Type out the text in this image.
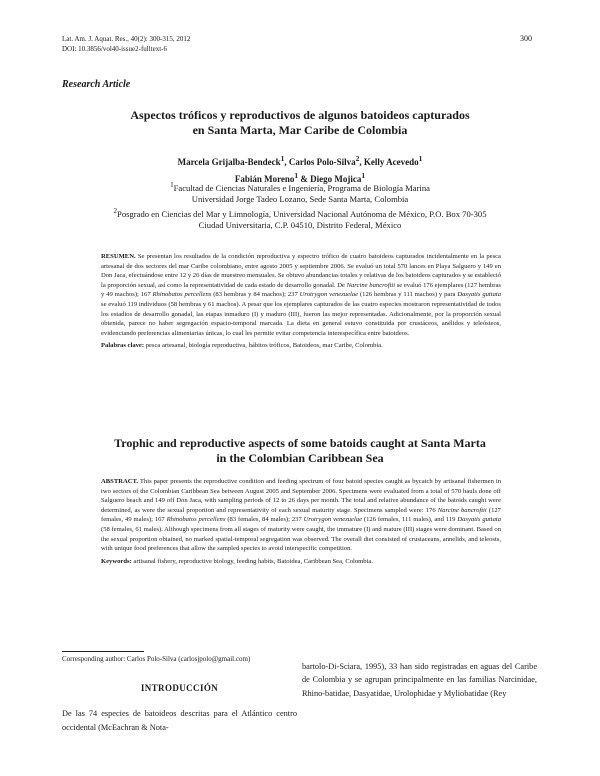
Lat. Am. J. Aquat. Res., 40(2): 300-315, 2012
DOI: 10.3856/vol40-issue2-fulltext-6
300
Research Article
Aspectos tróficos y reproductivos de algunos batoideos capturados
en Santa Marta, Mar Caribe de Colombia
Marcela Grijalba-Bendeck$^1$, Carlos Polo-Silva$^2$, Kelly Acevedo$^1$
Fabián Moreno$^1$ & Diego Mojica$^1$
$^1$Facultad de Ciencias Naturales e Ingeniería, Programa de Biología Marina
Universidad Jorge Tadeo Lozano, Sede Santa Marta, Colombia
$^2$Posgrado en Ciencias del Mar y Limnología, Universidad Nacional Autónoma de México, P.O. Box 70-305
Ciudad Universitaria, C.P. 04510, Distrito Federal, México
RESUMEN. Se presentan los resultados de la condición reproductiva y espectro trófico de cuatro batoideos capturados incidentalmente en la pesca artesanal de dos sectores del mar Caribe colombiano, entre agosto 2005 y septiembre 2006. Se evaluó un total 570 lances en Playa Salguero y 149 en Don Jaca, efectuándose entre 12 y 26 días de muestreo mensuales. Se obtuvo abundancias totales y relativas de los batoideos capturados y se estableció la proporción sexual, así como la representatividad de cada estado de desarrollo gonadal. De Narcine bancroftii se evaluó 176 ejemplares (127 hembras y 49 machos); 167 Rhinobatos percellens (83 hembras y 84 machos); 237 Urotrygon venezuelae (126 hembras y 111 machos) y para Dasyatis guttata se evaluó 119 individuos (58 hembras y 61 machos). A pesar que los ejemplares capturados de las cuatro especies mostraron representatividad de todos los estadios de desarrollo gonadal, las etapas inmaduro (I) y maduro (III), fueron las mejor representadas. Adicionalmente, por la proporción sexual obtenida, parece no haber segregación espacio-temporal marcada. La dieta en general estuvo constituida por crustáceos, anélidos y teleósteos, evidenciando preferencias alimentarias únicas, lo cual les permite evitar competencia interespecífica entre batoideos.
Palabras clave: pesca artesanal, biología reproductiva, hábitos tróficos, Batoideos, mar Caribe, Colombia.
Trophic and reproductive aspects of some batoids caught at Santa Marta
in the Colombian Caribbean Sea
ABSTRACT. This paper presents the reproductive condition and feeding spectrum of four batoid species caught as bycatch by artisanal fishermen in two sectors of the Colombian Caribbean Sea between August 2005 and September 2006. Specimens were evaluated from a total of 570 hauls done off Salguero beach and 149 off Don Jaca, with sampling periods of 12 to 26 days per month. The total and relative abundance of the batoids caught were determined, as were the sexual proportion and representativity of each sexual maturity stage. Specimens sampled were: 176 Narcine bancroftii (127 females, 49 males); 167 Rhinobatos percellens (83 females, 84 males); 237 Urotrygon venezuelae (126 females, 111 males), and 119 Dasyatis guttata (58 females, 61 males). Although specimens from all stages of maturity were caught, the immature (I) and mature (III) stages were dominant. Based on the sexual proportion obtained, no marked spatial-temporal segregation was observed. The overall diet consisted of crustaceans, annelids, and teleosts, with unique food preferences that allow the sampled species to avoid interspecific competition.
Keywords: artisanal fishery, reproductive biology, feeding habits, Batoidea, Caribbean Sea, Colombia.
Corresponding author: Carlos Polo-Silva (carlosjpolo@gmail.com)
INTRODUCCIÓN
De las 74 especies de batoideos descritas para el Atlántico centro occidental (McEachran & Nota-
bartolo-Di-Sciara, 1995), 33 han sido registradas en aguas del Caribe de Colombia y se agrupan principalmente en las familias Narcinidae, Rhino-batidae, Dasyatidae, Urolophidae y Myliobatidae (Rey
